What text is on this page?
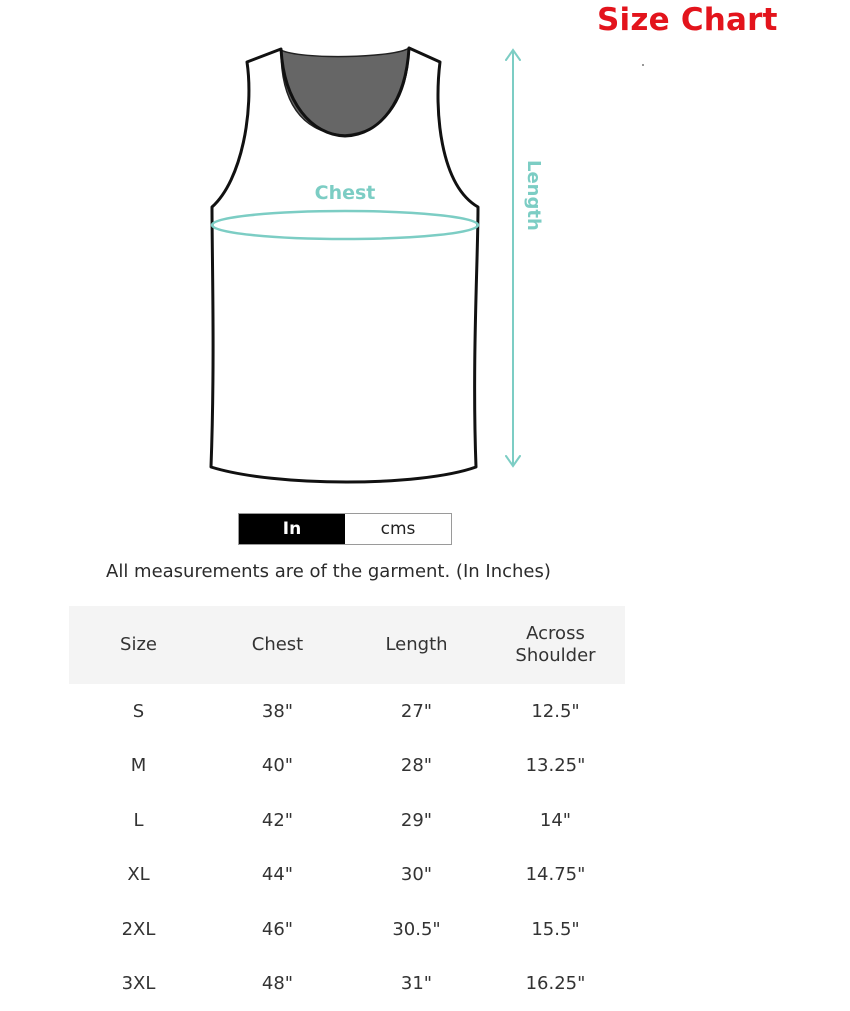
Size Chart
Chest	Length
In	cms
All measurements are of the garment. (In Inches)
Size	Chest	Length	Across Shoulder
S	38"	27"	12.5"
M	40"	28"	13.25"
L	42"	29"	14"
XL	44"	30"	14.75"
2XL	46"	30.5"	15.5"
3XL	48"	31"	16.25"
